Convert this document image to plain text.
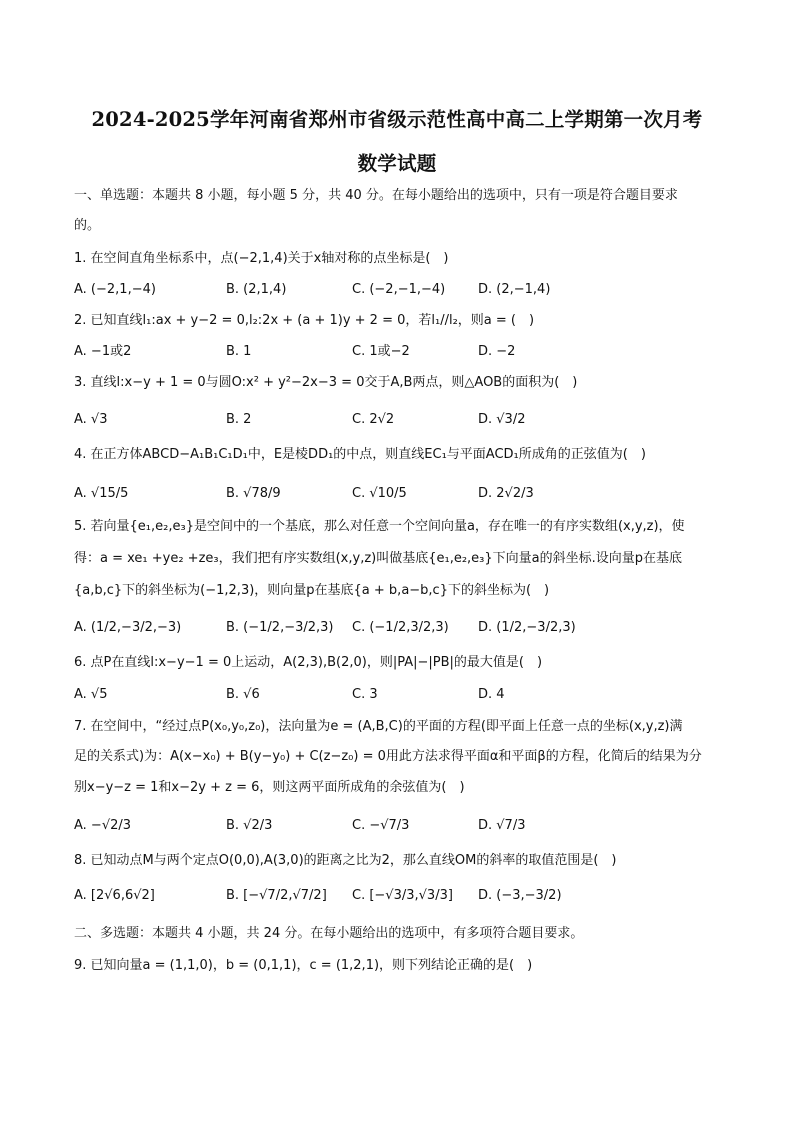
2024-2025学年河南省郑州市省级示范性高中高二上学期第一次月考
数学试题
一、单选题：本题共 8 小题，每小题 5 分，共 40 分。在每小题给出的选项中，只有一项是符合题目要求
的。
1. 在空间直角坐标系中，点(−2,1,4)关于x轴对称的点坐标是(　)
A. (−2,1,−4)	B. (2,1,4)	C. (−2,−1,−4)	D. (2,−1,4)
2. 已知直线l₁:ax + y−2 = 0,l₂:2x + (a + 1)y + 2 = 0，若l₁//l₂，则a = (　)
A. −1或2	B. 1	C. 1或−2	D. −2
3. 直线l:x−y + 1 = 0与圆O:x² + y²−2x−3 = 0交于A,B两点，则△AOB的面积为(　)
A. √3	B. 2	C. 2√2	D. √3/2
4. 在正方体ABCD−A₁B₁C₁D₁中，E是棱DD₁的中点，则直线EC₁与平面ACD₁所成角的正弦值为(　)
A. √15/5	B. √78/9	C. √10/5	D. 2√2/3
5. 若向量{e₁,e₂,e₃}是空间中的一个基底，那么对任意一个空间向量a，存在唯一的有序实数组(x,y,z)，使
得：a = xe₁ +ye₂ +ze₃，我们把有序实数组(x,y,z)叫做基底{e₁,e₂,e₃}下向量a的斜坐标.设向量p在基底
{a,b,c}下的斜坐标为(−1,2,3)，则向量p在基底{a + b,a−b,c}下的斜坐标为(　)
A. (1/2,−3/2,−3)	B. (−1/2,−3/2,3) C. (−1/2,3/2,3) D. (1/2,−3/2,3)
6. 点P在直线l:x−y−1 = 0上运动，A(2,3),B(2,0)，则|PA|−|PB|的最大值是(　)
A. √5	B. √6	C. 3	D. 4
7. 在空间中，“经过点P(x₀,y₀,z₀)，法向量为e = (A,B,C)的平面的方程(即平面上任意一点的坐标(x,y,z)满
足的关系式)为：A(x−x₀) + B(y−y₀) + C(z−z₀) = 0用此方法求得平面α和平面β的方程，化简后的结果为分
别x−y−z = 1和x−2y + z = 6，则这两平面所成角的余弦值为(　)
A. −√2/3	B. √2/3	C. −√7/3	D. √7/3
8. 已知动点M与两个定点O(0,0),A(3,0)的距离之比为2，那么直线OM的斜率的取值范围是(　)
A. [2√6,6√2]	B. [−√7/2,√7/2] C. [−√3/3,√3/3] D. (−3,−3/2)
二、多选题：本题共 4 小题，共 24 分。在每小题给出的选项中，有多项符合题目要求。
9. 已知向量a = (1,1,0)，b = (0,1,1)，c = (1,2,1)，则下列结论正确的是(　)
